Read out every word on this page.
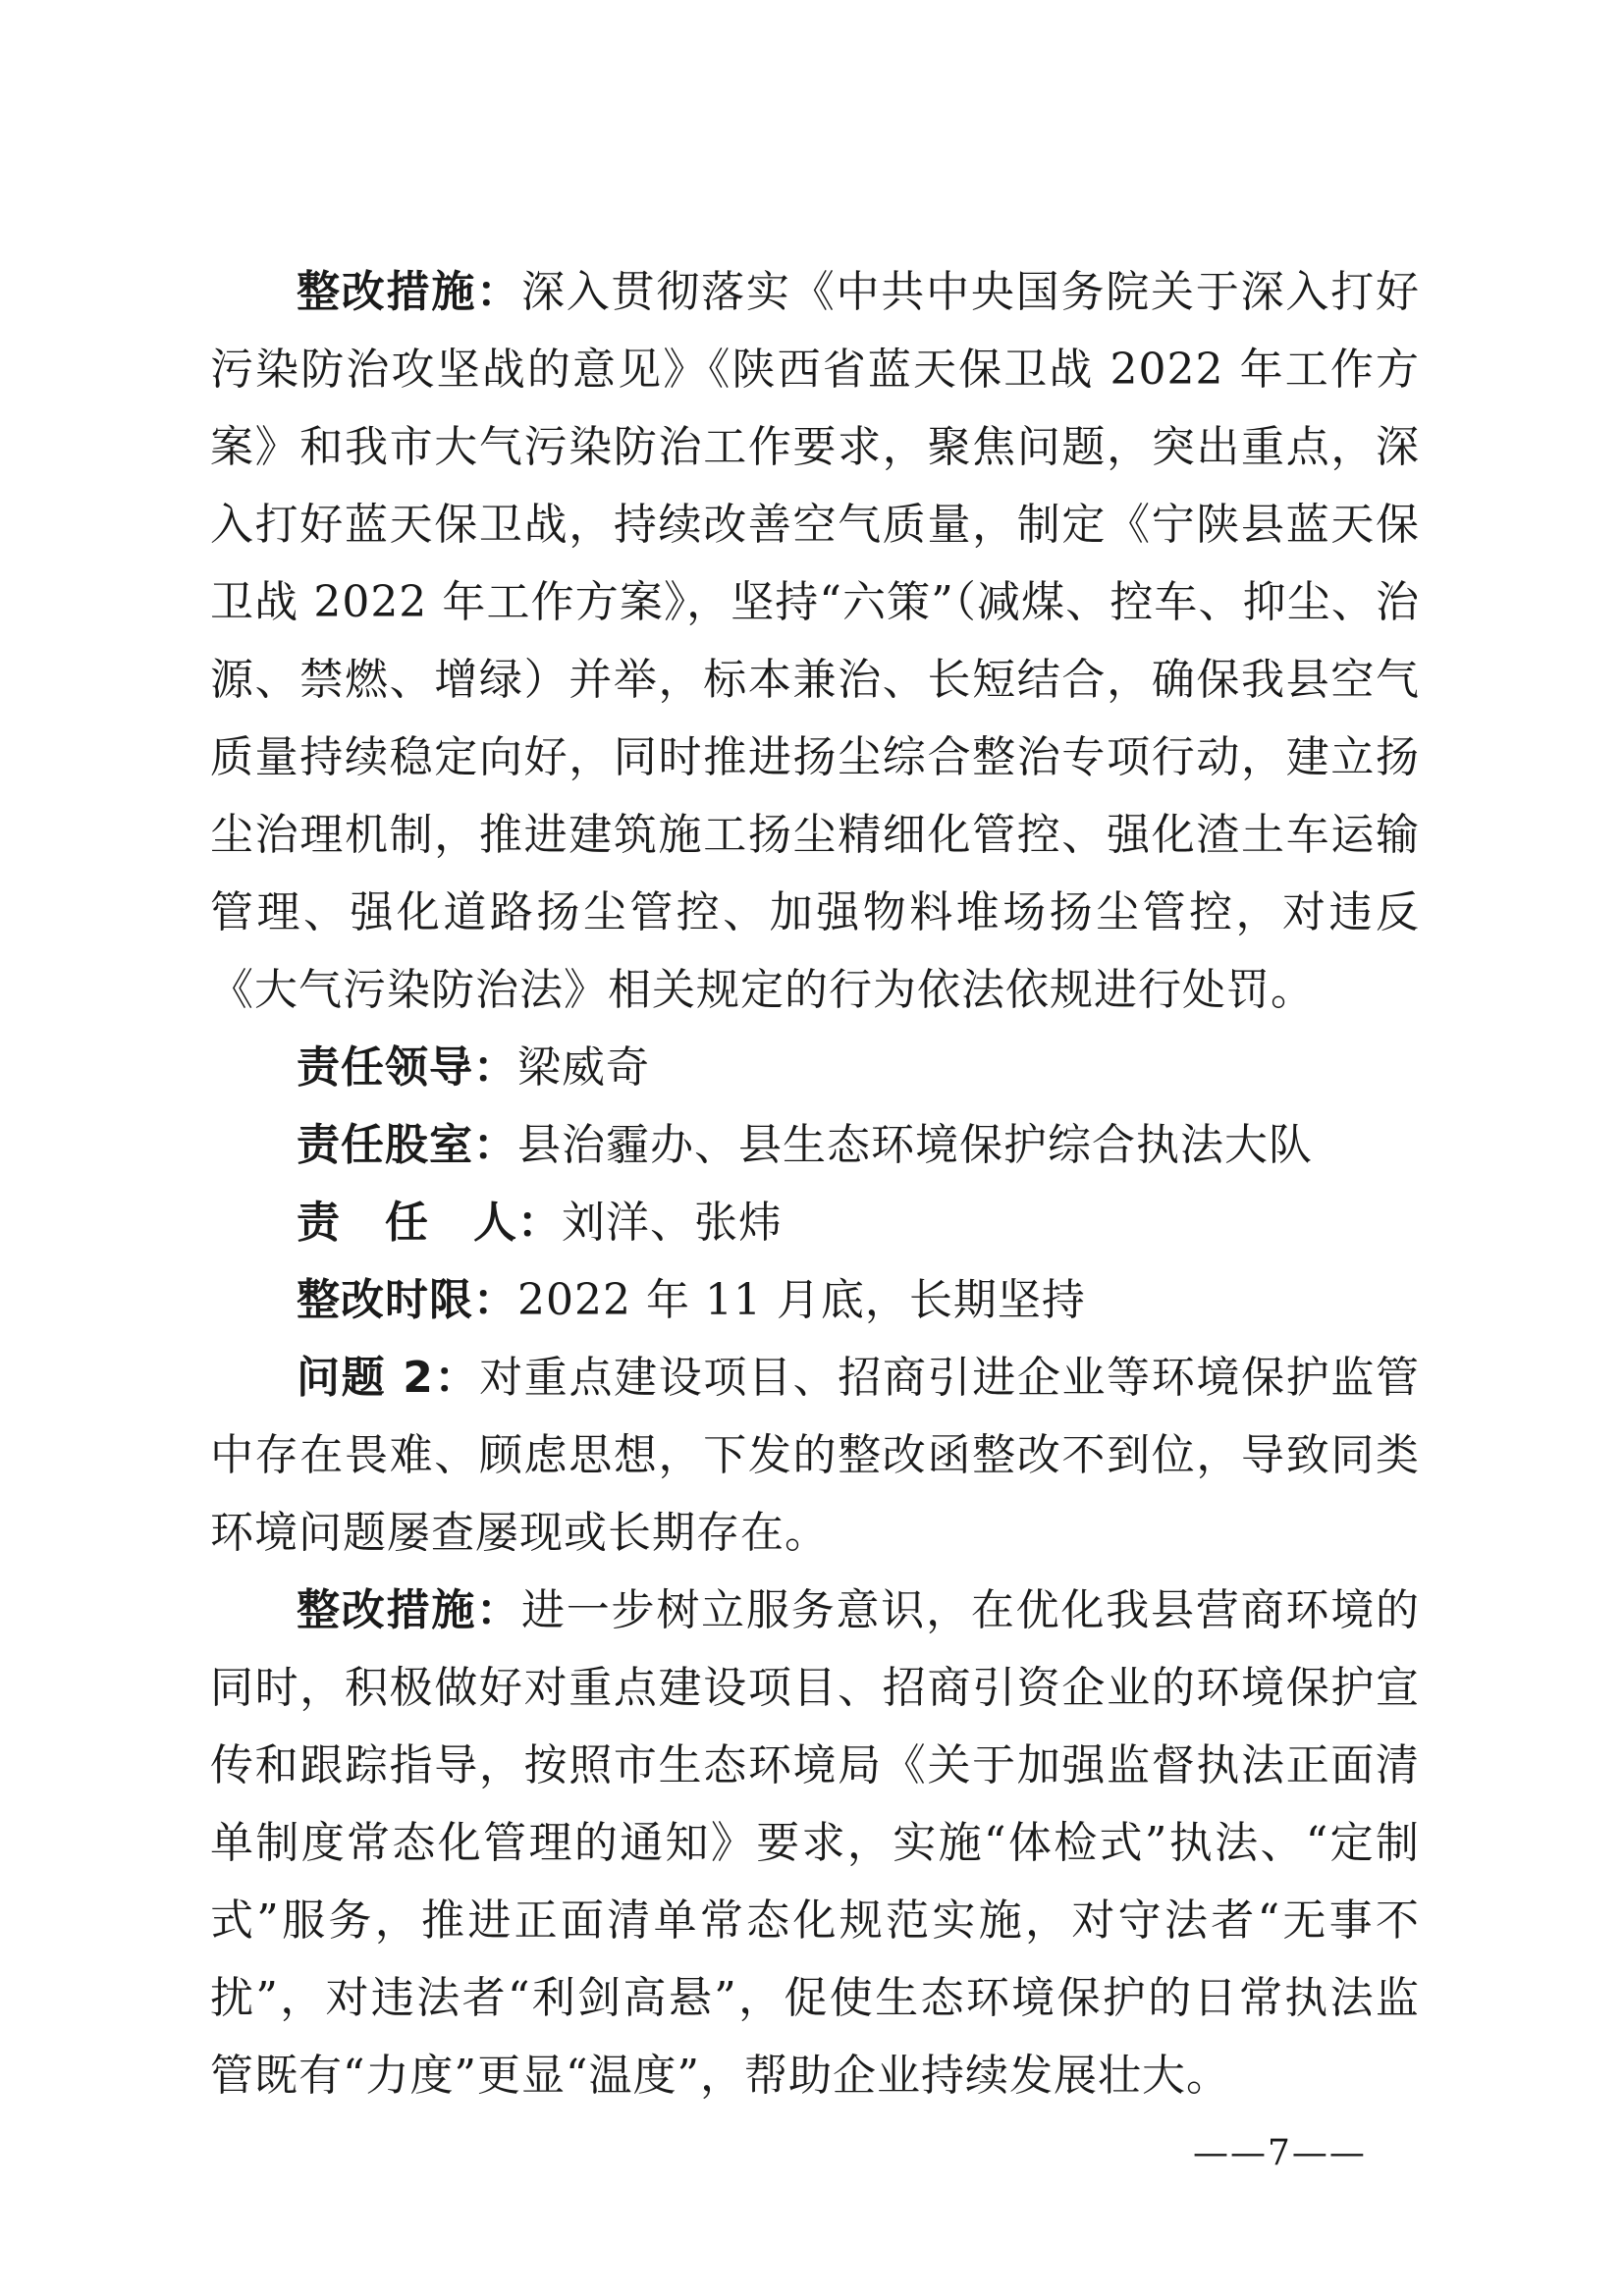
整改措施：深入贯彻落实《中共中央国务院关于深入打好污染防治攻坚战的意见》《陕西省蓝天保卫战 2022 年工作方案》和我市大气污染防治工作要求，聚焦问题，突出重点，深入打好蓝天保卫战，持续改善空气质量，制定《宁陕县蓝天保卫战 2022 年工作方案》，坚持“六策”（减煤、控车、抑尘、治源、禁燃、增绿）并举，标本兼治、长短结合，确保我县空气质量持续稳定向好，同时推进扬尘综合整治专项行动，建立扬尘治理机制，推进建筑施工扬尘精细化管控、强化渣土车运输管理、强化道路扬尘管控、加强物料堆场扬尘管控，对违反《大气污染防治法》相关规定的行为依法依规进行处罚。

责任领导：梁威奇

责任股室：县治霾办、县生态环境保护综合执法大队

责　任　人：刘洋、张炜

整改时限：2022 年 11 月底，长期坚持

问题 2：对重点建设项目、招商引进企业等环境保护监管中存在畏难、顾虑思想，下发的整改函整改不到位，导致同类环境问题屡查屡现或长期存在。

整改措施：进一步树立服务意识，在优化我县营商环境的同时，积极做好对重点建设项目、招商引资企业的环境保护宣传和跟踪指导，按照市生态环境局《关于加强监督执法正面清单制度常态化管理的通知》要求，实施“体检式”执法、“定制式”服务，推进正面清单常态化规范实施，对守法者“无事不扰”，对违法者“利剑高悬”，促使生态环境保护的日常执法监管既有“力度”更显“温度”，帮助企业持续发展壮大。

——7——
